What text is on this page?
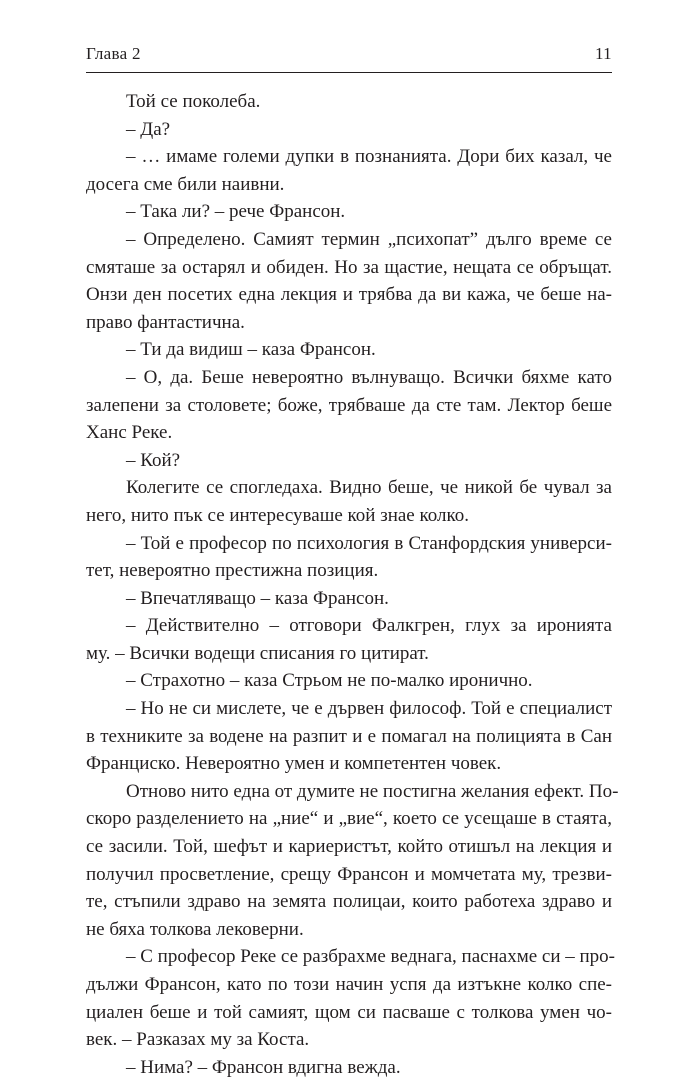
Глава 2	11
Той се поколеба.
– Да?
– … имаме големи дупки в познанията. Дори бих казал, че
досега сме били наивни.
– Така ли? – рече Франсон.
– Определено. Самият термин „психопат” дълго време се
смяташе за остарял и обиден. Но за щастие, нещата се обръщат.
Онзи ден посетих една лекция и трябва да ви кажа, че беше на-
право фантастична.
– Ти да видиш – каза Франсон.
– О, да. Беше невероятно вълнуващо. Всички бяхме като
залепени за столовете; боже, трябваше да сте там. Лектор беше
Ханс Реке.
– Кой?
Колегите се спогледаха. Видно беше, че никой бе чувал за
него, нито пък се интересуваше кой знае колко.
– Той е професор по психология в Станфордския универси-
тет, невероятно престижна позиция.
– Впечатляващо – каза Франсон.
– Действително – отговори Фалкгрен, глух за иронията
му. – Всички водещи списания го цитират.
– Страхотно – каза Стрьом не по-малко иронично.
– Но не си мислете, че е дървен философ. Той е специалист
в техниките за водене на разпит и е помагал на полицията в Сан
Франциско. Невероятно умен и компетентен човек.
Отново нито една от думите не постигна желания ефект. По-
скоро разделението на „ние“ и „вие“, което се усещаше в стаята,
се засили. Той, шефът и кариеристът, който отишъл на лекция и
получил просветление, срещу Франсон и момчетата му, трезви-
те, стъпили здраво на земята полицаи, които работеха здраво и
не бяха толкова лековерни.
– С професор Реке се разбрахме веднага, паснахме си – про-
дължи Франсон, като по този начин успя да изтъкне колко спе-
циален беше и той самият, щом си пасваше с толкова умен чо-
век. – Разказах му за Коста.
– Нима? – Франсон вдигна вежда.
